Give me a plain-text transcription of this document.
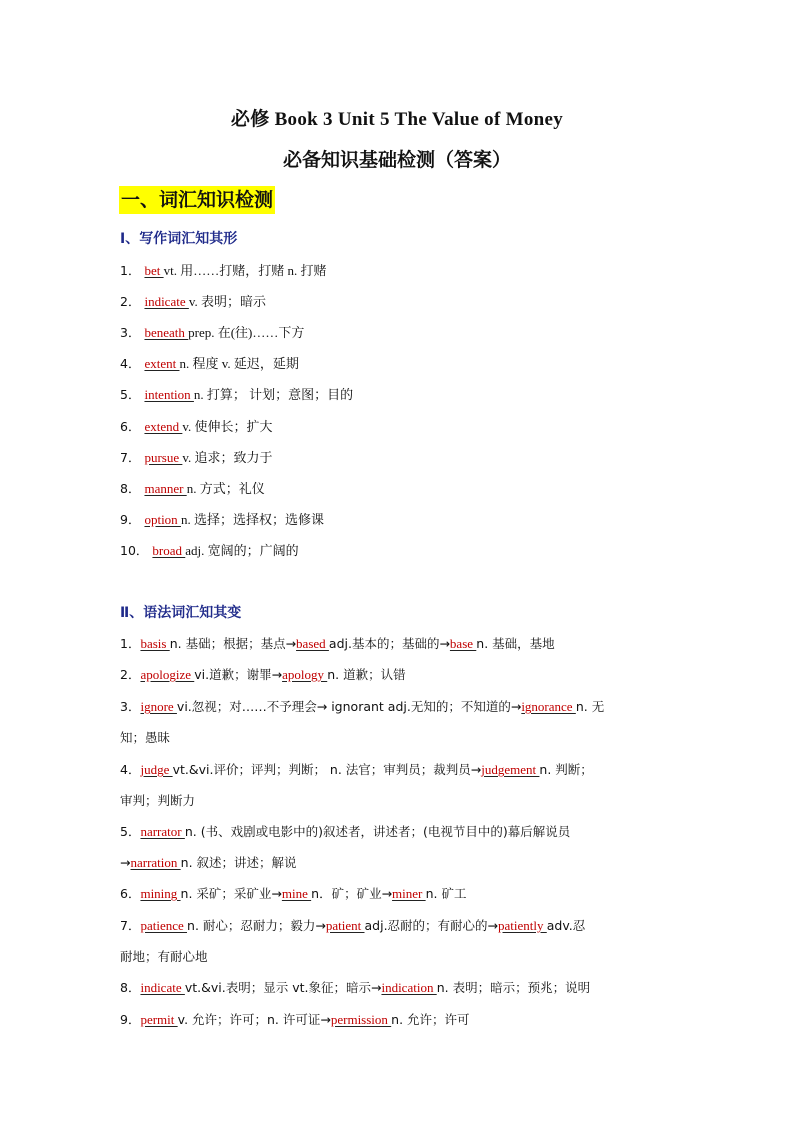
必修 Book 3 Unit 5 The Value of Money
必备知识基础检测（答案）
一、词汇知识检测
Ⅰ、写作词汇知其形
1． bet vt. 用……打赌，打赌 n. 打赌
2． indicate v. 表明；暗示
3． beneath prep. 在(往)……下方
4． extent n. 程度 v. 延迟，延期
5． intention n. 打算； 计划；意图；目的
6． extend v. 使伸长；扩大
7． pursue v. 追求；致力于
8． manner n. 方式；礼仪
9． option n. 选择；选择权；选修课
10． broad adj. 宽阔的；广阔的
Ⅱ、语法词汇知其变
1．basis n. 基础；根据；基点→based adj.基本的；基础的→base n. 基础，基地
2．apologize vi.道歉；谢罪→apology n. 道歉；认错
3．ignore vi.忽视；对……不予理会→ ignorant adj.无知的；不知道的→ignorance n. 无
知；愚昧
4．judge vt.&vi.评价；评判；判断； n. 法官；审判员；裁判员→judgement n. 判断；
审判；判断力
5．narrator n. (书、戏剧或电影中的)叙述者，讲述者；(电视节目中的)幕后解说员
→narration n. 叙述；讲述；解说
6．mining n. 采矿；采矿业→mine n．矿；矿业→miner n. 矿工
7．patience n. 耐心；忍耐力；毅力→patient adj.忍耐的；有耐心的→patiently adv.忍
耐地；有耐心地
8．indicate vt.&vi.表明；显示 vt.象征；暗示→indication n. 表明；暗示；预兆；说明
9．permit v. 允许；许可；n. 许可证→permission n. 允许；许可
